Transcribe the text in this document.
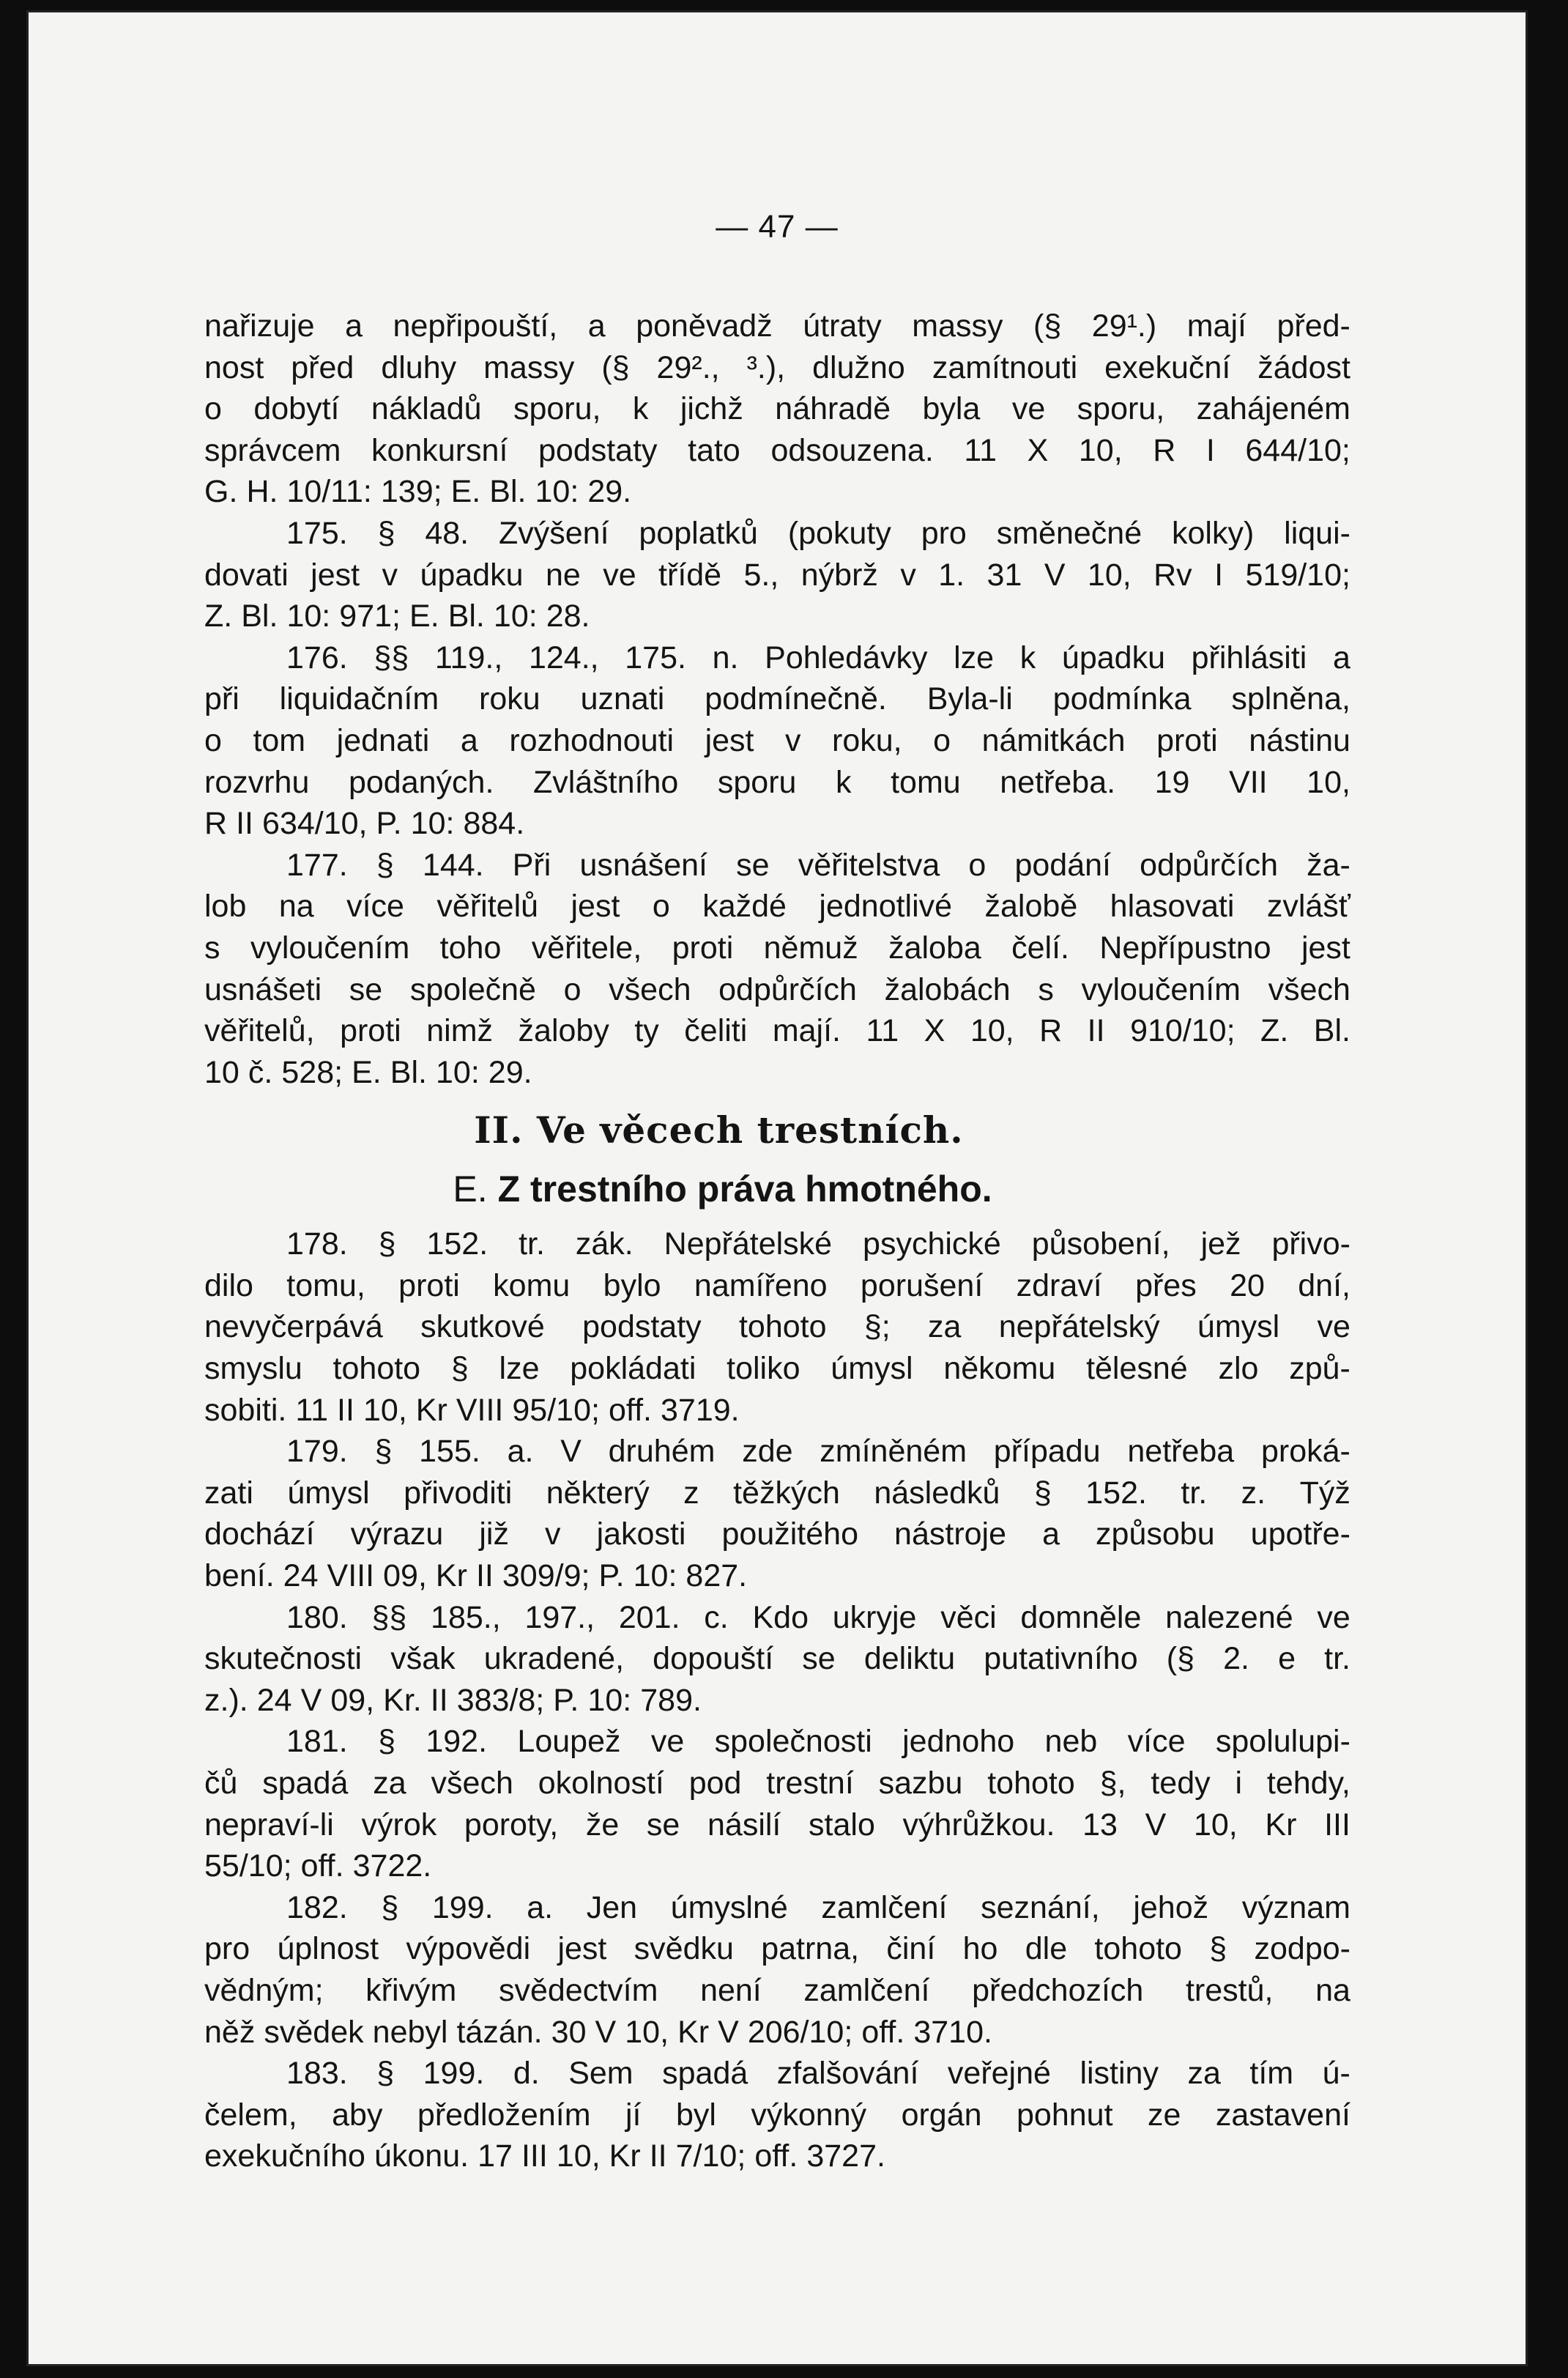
— 47 —
nařizuje a nepřipouští, a poněvadž útraty massy (§ 29¹.) mají před-
nost před dluhy massy (§ 29²., ³.), dlužno zamítnouti exekuční žádost
o dobytí nákladů sporu, k jichž náhradě byla ve sporu, zahájeném
správcem konkursní podstaty tato odsouzena. 11 X 10, R I 644/10;
G. H. 10/11: 139; E. Bl. 10: 29.
175. § 48. Zvýšení poplatků (pokuty pro směnečné kolky) liqui-
dovati jest v úpadku ne ve třídě 5., nýbrž v 1. 31 V 10, Rv I 519/10;
Z. Bl. 10: 971; E. Bl. 10: 28.
176. §§ 119., 124., 175. n. Pohledávky lze k úpadku přihlásiti a
při liquidačním roku uznati podmínečně. Byla-li podmínka splněna,
o tom jednati a rozhodnouti jest v roku, o námitkách proti nástinu
rozvrhu podaných. Zvláštního sporu k tomu netřeba. 19 VII 10,
R II 634/10, P. 10: 884.
177. § 144. Při usnášení se věřitelstva o podání odpůrčích ža-
lob na více věřitelů jest o každé jednotlivé žalobě hlasovati zvlášť
s vyloučením toho věřitele, proti němuž žaloba čelí. Nepřípustno jest
usnášeti se společně o všech odpůrčích žalobách s vyloučením všech
věřitelů, proti nimž žaloby ty čeliti mají. 11 X 10, R II 910/10; Z. Bl.
10 č. 528; E. Bl. 10: 29.
II. Ve věcech trestních.
E. Z trestního práva hmotného.
178. § 152. tr. zák. Nepřátelské psychické působení, jež přivo-
dilo tomu, proti komu bylo namířeno porušení zdraví přes 20 dní,
nevyčerpává skutkové podstaty tohoto §; za nepřátelský úmysl ve
smyslu tohoto § lze pokládati toliko úmysl někomu tělesné zlo způ-
sobiti. 11 II 10, Kr VIII 95/10; off. 3719.
179. § 155. a. V druhém zde zmíněném případu netřeba proká-
zati úmysl přivoditi některý z těžkých následků § 152. tr. z. Týž
dochází výrazu již v jakosti použitého nástroje a způsobu upotře-
bení. 24 VIII 09, Kr II 309/9; P. 10: 827.
180. §§ 185., 197., 201. c. Kdo ukryje věci domněle nalezené ve
skutečnosti však ukradené, dopouští se deliktu putativního (§ 2. e tr.
z.). 24 V 09, Kr. II 383/8; P. 10: 789.
181. § 192. Loupež ve společnosti jednoho neb více spolulupi-
čů spadá za všech okolností pod trestní sazbu tohoto §, tedy i tehdy,
nepraví-li výrok poroty, že se násilí stalo výhrůžkou. 13 V 10, Kr III
55/10; off. 3722.
182. § 199. a. Jen úmyslné zamlčení seznání, jehož význam
pro úplnost výpovědi jest svědku patrna, činí ho dle tohoto § zodpo-
vědným; křivým svědectvím není zamlčení předchozích trestů, na
něž svědek nebyl tázán. 30 V 10, Kr V 206/10; off. 3710.
183. § 199. d. Sem spadá zfalšování veřejné listiny za tím ú-
čelem, aby předložením jí byl výkonný orgán pohnut ze zastavení
exekučního úkonu. 17 III 10, Kr II 7/10; off. 3727.
